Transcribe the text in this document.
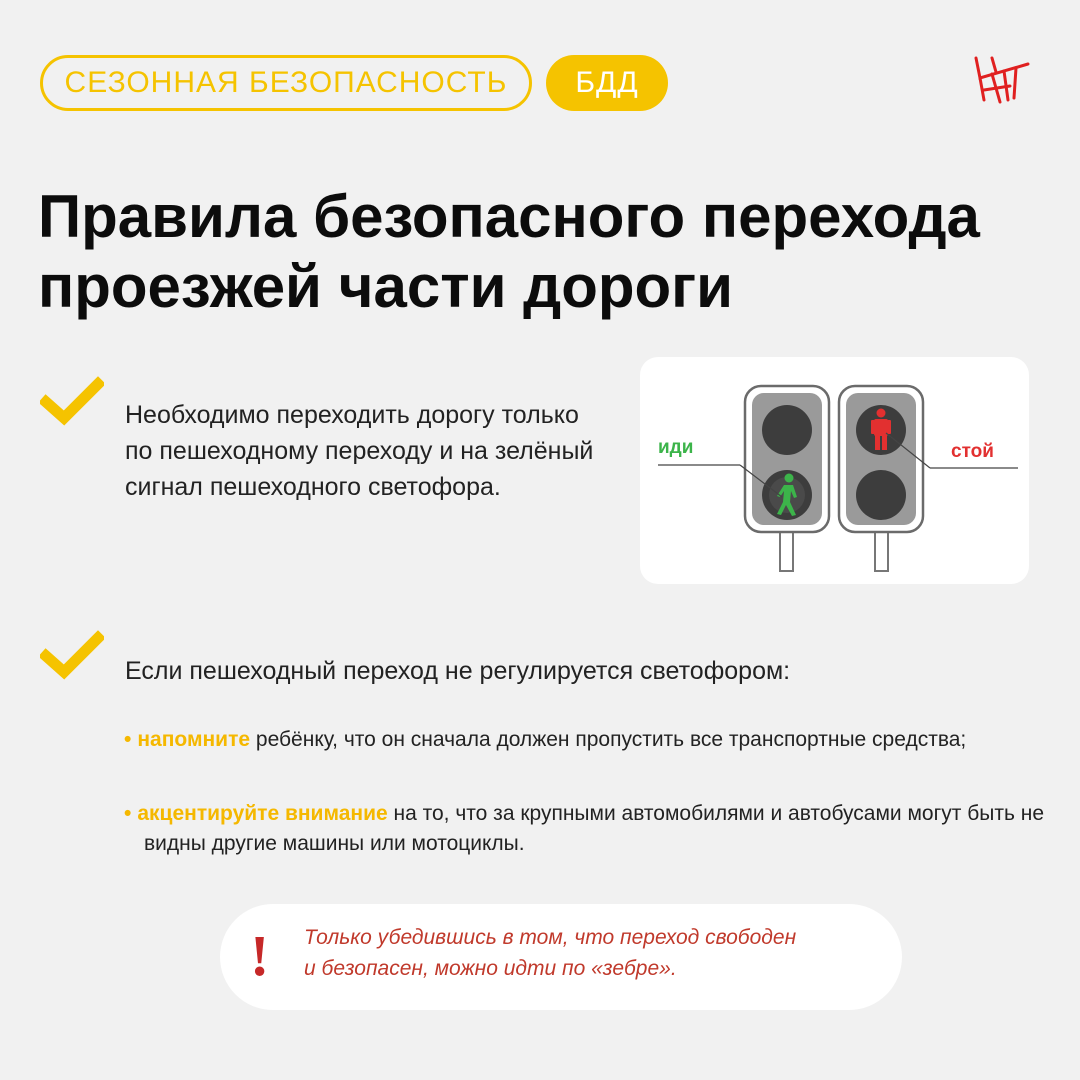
СЕЗОННАЯ БЕЗОПАСНОСТЬ	БДД
Правила безопасного перехода
проезжей части дороги
Необходимо переходить дорогу только по пешеходному переходу и на зелёный сигнал пешеходного светофора.
иди	стой
Если пешеходный переход не регулируется светофором:
• напомните ребёнку, что он сначала должен пропустить все транспортные средства;
• акцентируйте внимание на то, что за крупными автомобилями и автобусами могут быть не видны другие машины или мотоциклы.
! Только убедившись в том, что переход свободен
и безопасен, можно идти по «зебре».
